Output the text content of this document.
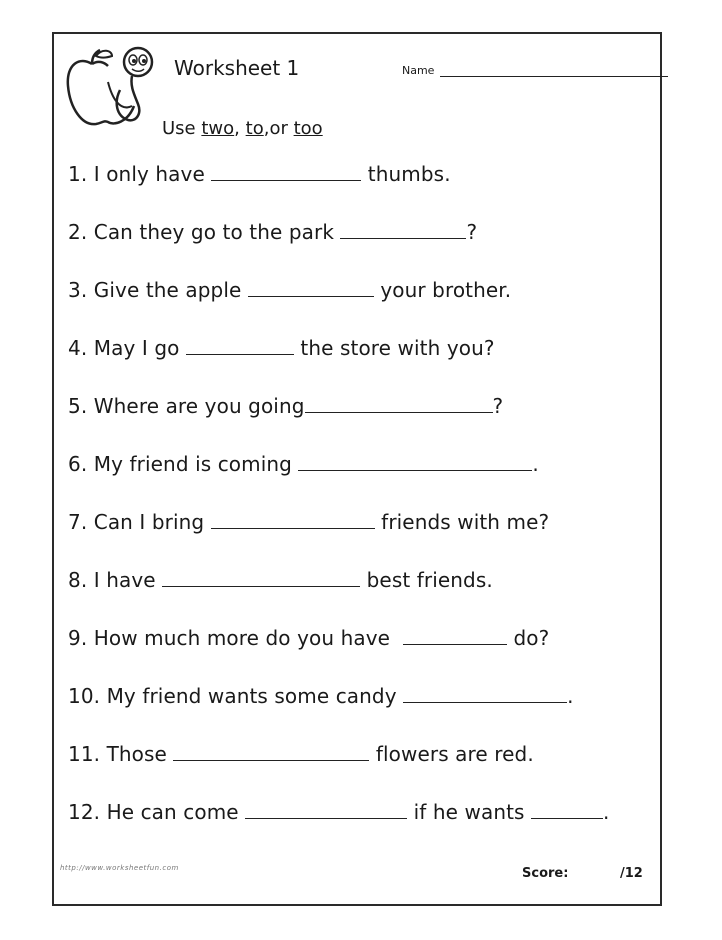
Worksheet 1	Name
Use two, to,or too
1. I only have	thumbs.
2. Can they go to the park	?
3. Give the apple	your brother.
4. May I go	the store with you?
5. Where are you going	?
6. My friend is coming	.
7. Can I bring	friends with me?
8. I have	best friends.
9. How much more do you have	do?
10. My friend wants some candy	.
11. Those	flowers are red.
12. He can come	if he wants	.
http://www.worksheetfun.com	Score:	/12
